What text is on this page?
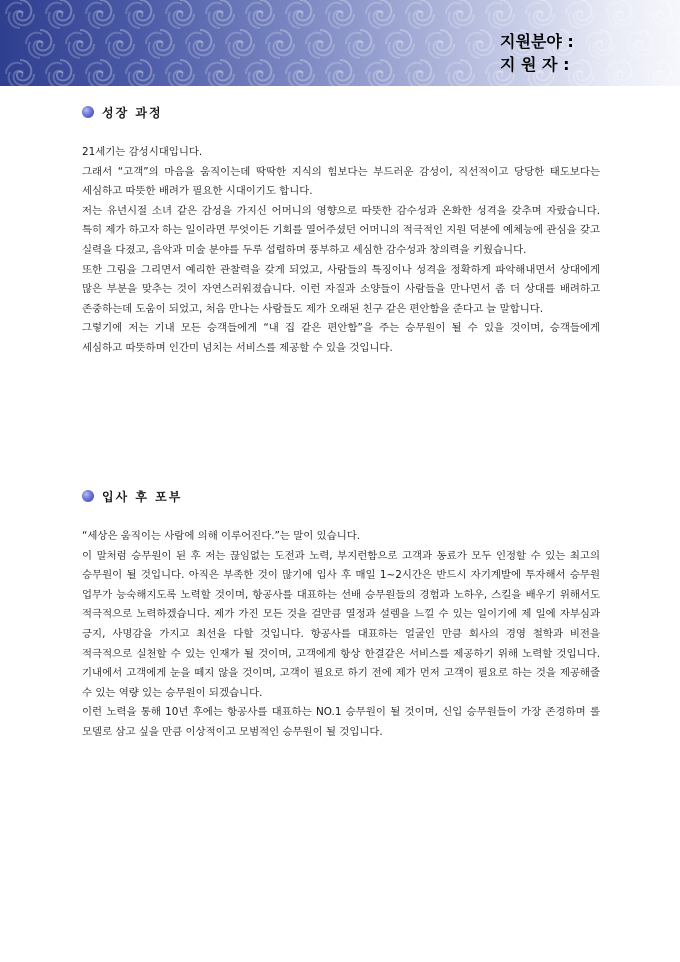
지원분야 :
지 원 자 :
성장 과정

21세기는 감성시대입니다.

그래서 “고객”의 마음을 움직이는데 딱딱한 지식의 힘보다는 부드러운 감성이, 직선적이고 당당한 태도보다는 세심하고 따뜻한 배려가 필요한 시대이기도 합니다.

저는 유년시절 소녀 같은 감성을 가지신 어머니의 영향으로 따뜻한 감수성과 온화한 성격을 갖추며 자랐습니다. 특히 제가 하고자 하는 일이라면 무엇이든 기회를 열어주셨던 어머니의 적극적인 지원 덕분에 예체능에 관심을 갖고 실력을 다졌고, 음악과 미술 분야를 두루 섭렵하며 풍부하고 세심한 감수성과 창의력을 키웠습니다.

또한 그림을 그리면서 예리한 관찰력을 갖게 되었고, 사람들의 특징이나 성격을 정확하게 파악해내면서 상대에게 많은 부분을 맞추는 것이 자연스러워졌습니다. 이런 자질과 소양들이 사람들을 만나면서 좀 더 상대를 배려하고 존중하는데 도움이 되었고, 처음 만나는 사람들도 제가 오래된 친구 같은 편안함을 준다고 늘 말합니다.

그렇기에 저는 기내 모든 승객들에게 “내 집 같은 편안함”을 주는 승무원이 될 수 있을 것이며, 승객들에게 세심하고 따뜻하며 인간미 넘치는 서비스를 제공할 수 있을 것입니다.

입사 후 포부

“세상은 움직이는 사람에 의해 이루어진다.”는 말이 있습니다.

이 말처럼 승무원이 된 후 저는 끊임없는 도전과 노력, 부지런함으로 고객과 동료가 모두 인정할 수 있는 최고의 승무원이 될 것입니다. 아직은 부족한 것이 많기에 입사 후 매일 1~2시간은 반드시 자기계발에 투자해서 승무원 업무가 능숙해지도록 노력할 것이며, 항공사를 대표하는 선배 승무원들의 경험과 노하우, 스킬을 배우기 위해서도 적극적으로 노력하겠습니다. 제가 가진 모든 것을 걸만큼 열정과 설렘을 느낄 수 있는 일이기에 제 일에 자부심과 긍지, 사명감을 가지고 최선을 다할 것입니다. 항공사를 대표하는 얼굴인 만큼 회사의 경영 철학과 비전을 적극적으로 실천할 수 있는 인재가 될 것이며, 고객에게 항상 한결같은 서비스를 제공하기 위해 노력할 것입니다. 기내에서 고객에게 눈을 떼지 않을 것이며, 고객이 필요로 하기 전에 제가 먼저 고객이 필요로 하는 것을 제공해줄 수 있는 역량 있는 승무원이 되겠습니다.

이런 노력을 통해 10년 후에는 항공사를 대표하는 NO.1 승무원이 될 것이며, 신입 승무원들이 가장 존경하며 롤 모델로 삼고 싶을 만큼 이상적이고 모범적인 승무원이 될 것입니다.
